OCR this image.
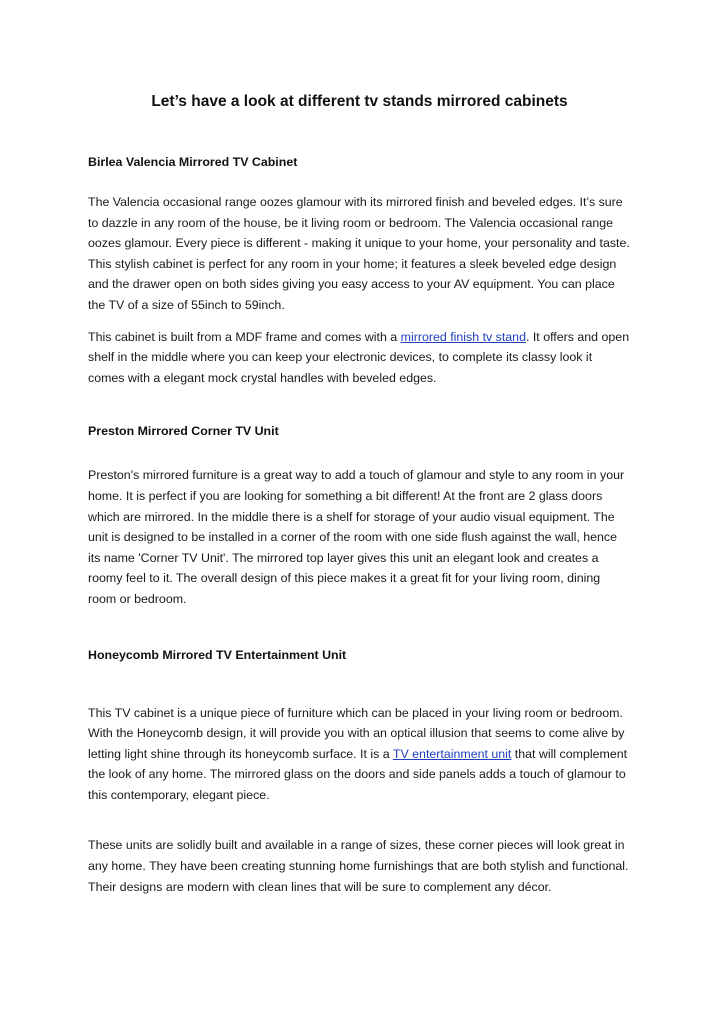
Let’s have a look at different tv stands mirrored cabinets
Birlea Valencia Mirrored TV Cabinet

The Valencia occasional range oozes glamour with its mirrored finish and beveled edges. It’s sure to dazzle in any room of the house, be it living room or bedroom. The Valencia occasional range oozes glamour. Every piece is different - making it unique to your home, your personality and taste. This stylish cabinet is perfect for any room in your home; it features a sleek beveled edge design and the drawer open on both sides giving you easy access to your AV equipment. You can place the TV of a size of 55inch to 59inch.

This cabinet is built from a MDF frame and comes with a mirrored finish tv stand. It offers and open shelf in the middle where you can keep your electronic devices, to complete its classy look it comes with a elegant mock crystal handles with beveled edges.

Preston Mirrored Corner TV Unit

Preston's mirrored furniture is a great way to add a touch of glamour and style to any room in your home. It is perfect if you are looking for something a bit different! At the front are 2 glass doors which are mirrored. In the middle there is a shelf for storage of your audio visual equipment. The unit is designed to be installed in a corner of the room with one side flush against the wall, hence its name 'Corner TV Unit'. The mirrored top layer gives this unit an elegant look and creates a roomy feel to it. The overall design of this piece makes it a great fit for your living room, dining room or bedroom.

Honeycomb Mirrored TV Entertainment Unit

This TV cabinet is a unique piece of furniture which can be placed in your living room or bedroom. With the Honeycomb design, it will provide you with an optical illusion that seems to come alive by letting light shine through its honeycomb surface. It is a TV entertainment unit that will complement the look of any home. The mirrored glass on the doors and side panels adds a touch of glamour to this contemporary, elegant piece.

These units are solidly built and available in a range of sizes, these corner pieces will look great in any home. They have been creating stunning home furnishings that are both stylish and functional. Their designs are modern with clean lines that will be sure to complement any décor.
